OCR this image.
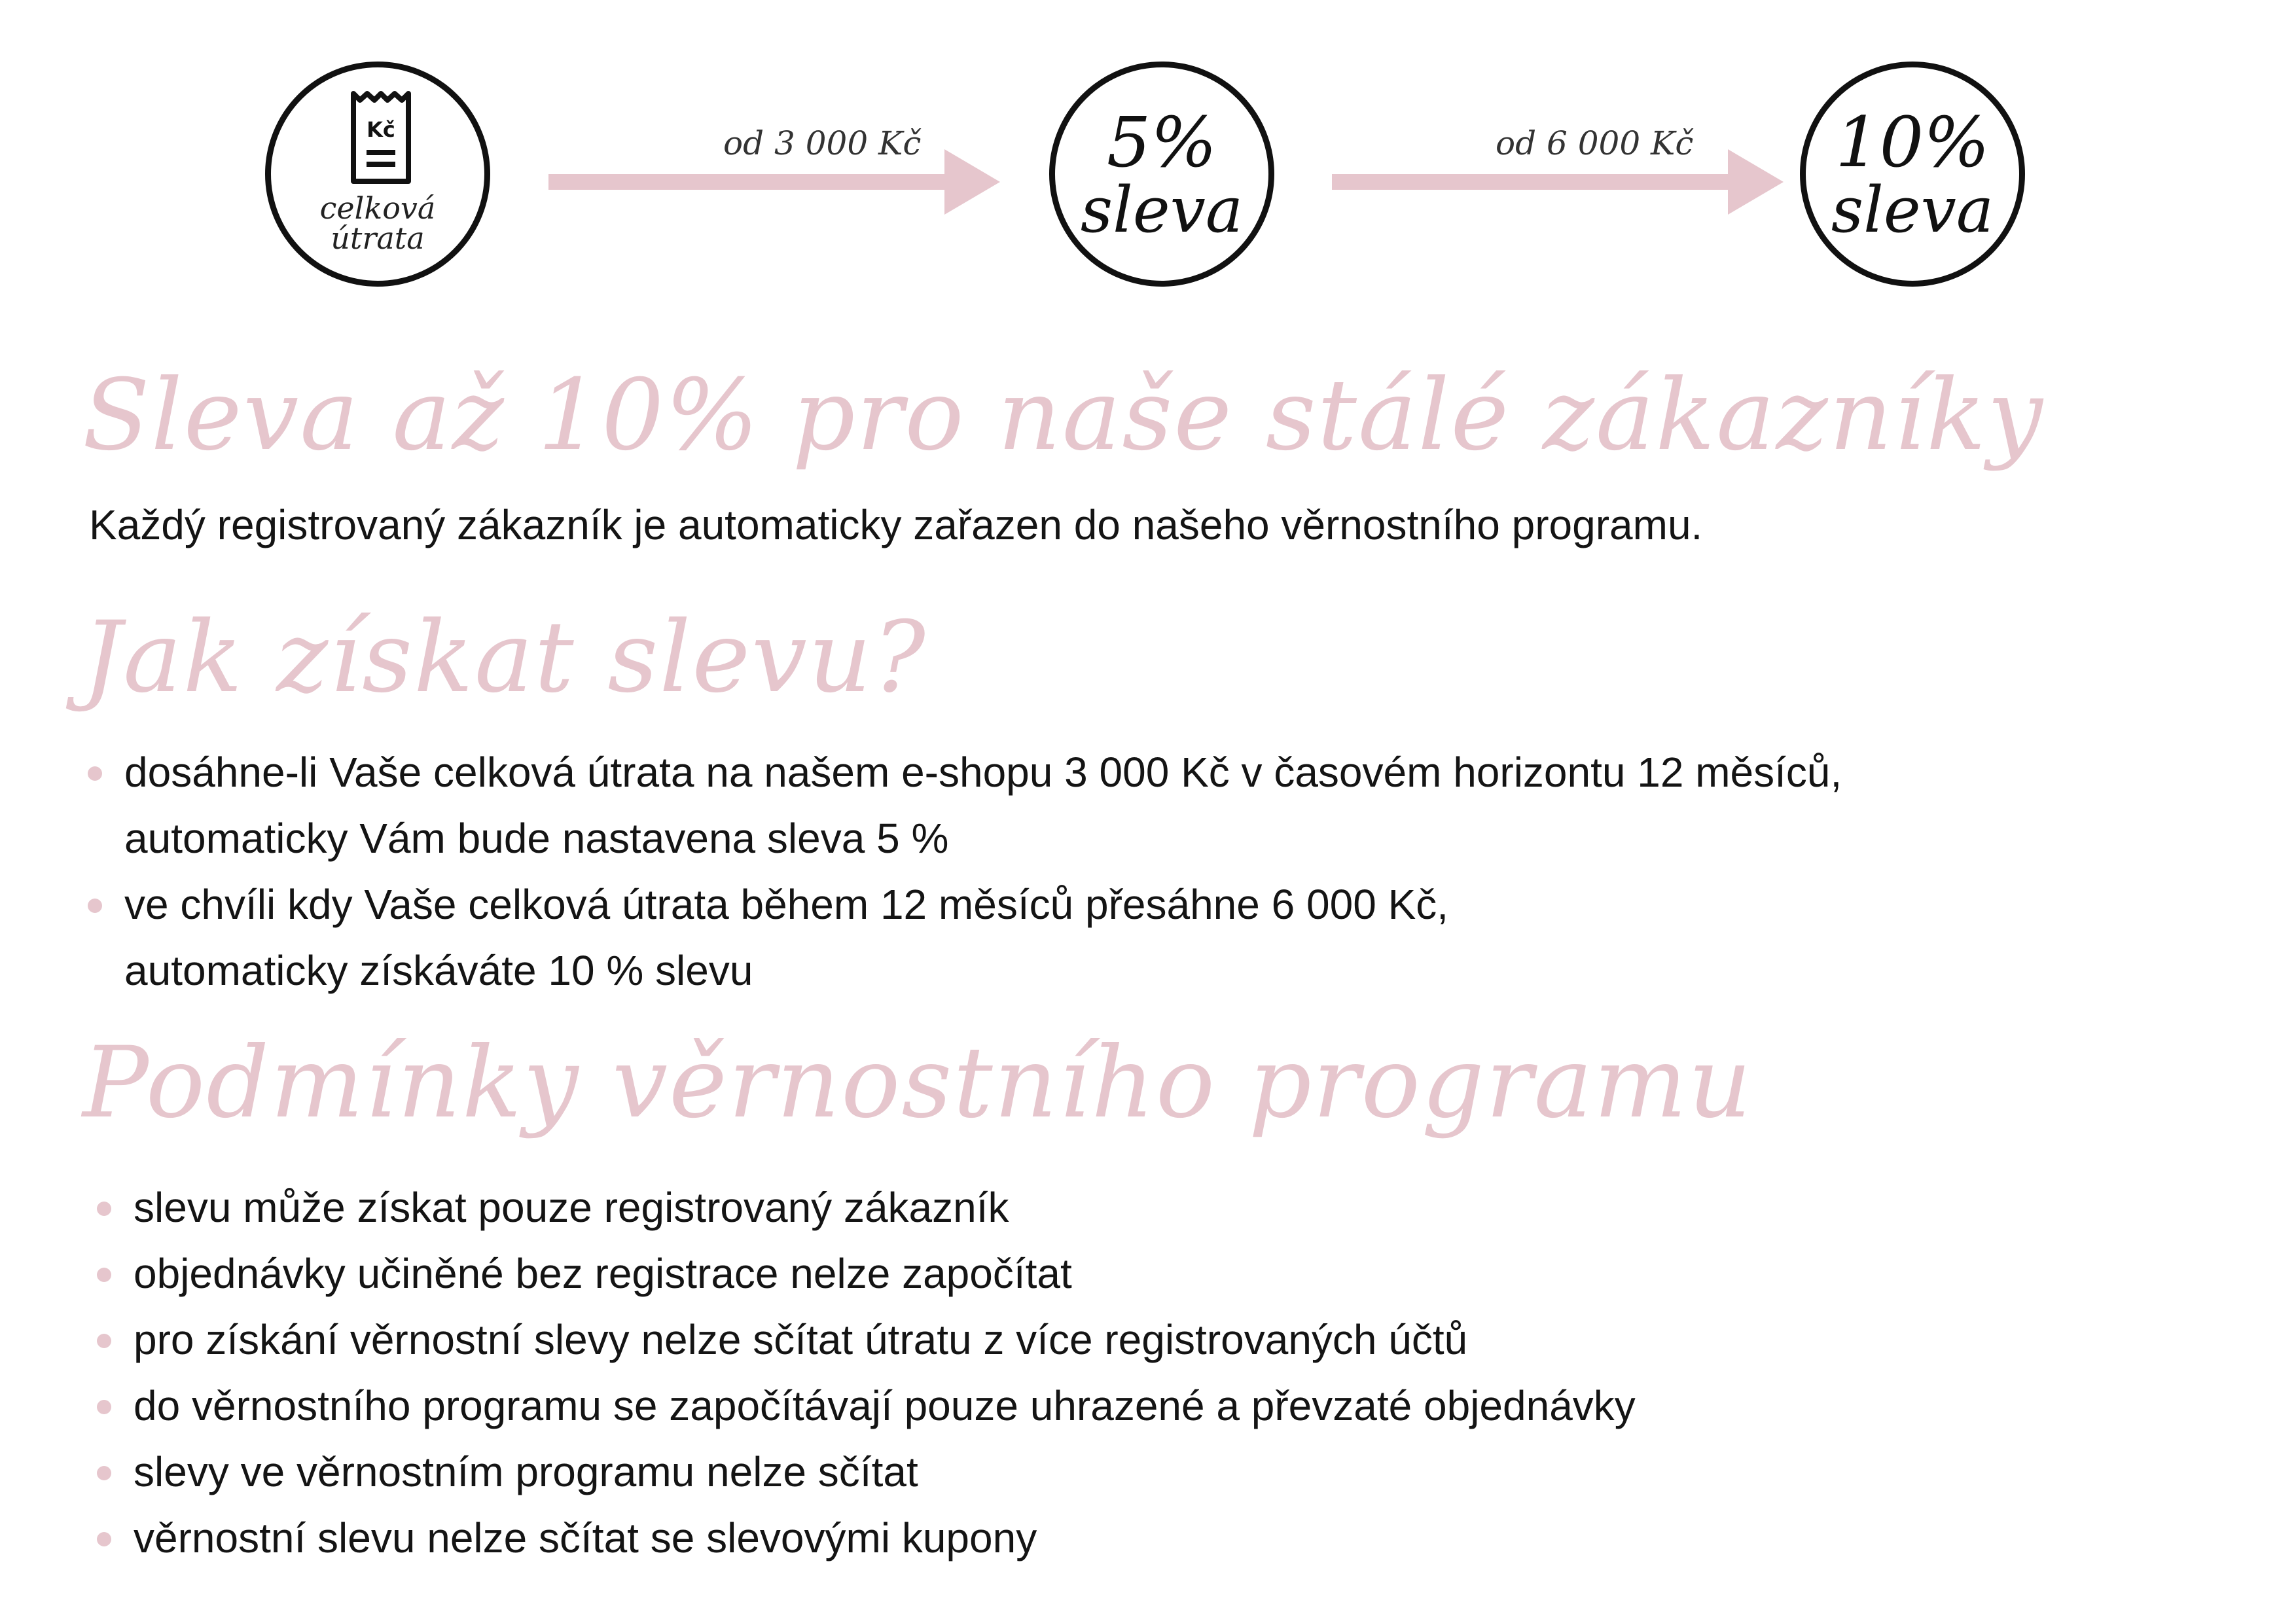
Kč
celková
útrata
od 3 000 Kč	5%
sleva
od 6 000 Kč	10%
sleva
Sleva až 10% pro naše stálé zákazníky
Každý registrovaný zákazník je automaticky zařazen do našeho věrnostního programu.
Jak získat slevu?
dosáhne-li Vaše celková útrata na našem e-shopu 3 000 Kč v časovém horizontu 12 měsíců,
automaticky Vám bude nastavena sleva 5 %
ve chvíli kdy Vaše celková útrata během 12 měsíců přesáhne 6 000 Kč,
automaticky získáváte 10 % slevu
Podmínky věrnostního programu
slevu může získat pouze registrovaný zákazník
objednávky učiněné bez registrace nelze započítat
pro získání věrnostní slevy nelze sčítat útratu z více registrovaných účtů
do věrnostního programu se započítávají pouze uhrazené a převzaté objednávky
slevy ve věrnostním programu nelze sčítat
věrnostní slevu nelze sčítat se slevovými kupony
